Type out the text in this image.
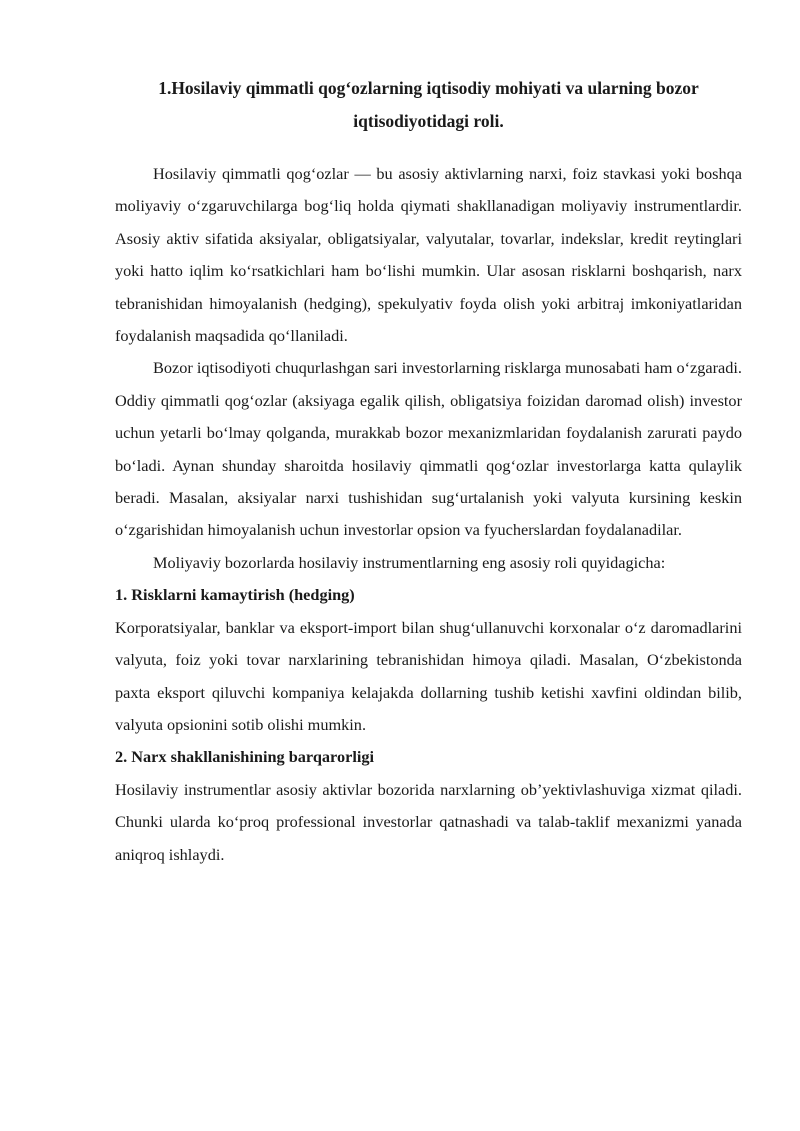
1.Hosilaviy qimmatli qog‘ozlarning iqtisodiy mohiyati va ularning bozor iqtisodiyotidagi roli.

Hosilaviy qimmatli qog‘ozlar — bu asosiy aktivlarning narxi, foiz stavkasi yoki boshqa moliyaviy o‘zgaruvchilarga bog‘liq holda qiymati shakllanadigan moliyaviy instrumentlardir. Asosiy aktiv sifatida aksiyalar, obligatsiyalar, valyutalar, tovarlar, indekslar, kredit reytinglari yoki hatto iqlim ko‘rsatkichlari ham bo‘lishi mumkin. Ular asosan risklarni boshqarish, narx tebranishidan himoyalanish (hedging), spekulyativ foyda olish yoki arbitraj imkoniyatlaridan foydalanish maqsadida qo‘llaniladi.

Bozor iqtisodiyoti chuqurlashgan sari investorlarning risklarga munosabati ham o‘zgaradi. Oddiy qimmatli qog‘ozlar (aksiyaga egalik qilish, obligatsiya foizidan daromad olish) investor uchun yetarli bo‘lmay qolganda, murakkab bozor mexanizmlaridan foydalanish zarurati paydo bo‘ladi. Aynan shunday sharoitda hosilaviy qimmatli qog‘ozlar investorlarga katta qulaylik beradi. Masalan, aksiyalar narxi tushishidan sug‘urtalanish yoki valyuta kursining keskin o‘zgarishidan himoyalanish uchun investorlar opsion va fyucherslardan foydalanadilar.

Moliyaviy bozorlarda hosilaviy instrumentlarning eng asosiy roli quyidagicha:

1. Risklarni kamaytirish (hedging)

Korporatsiyalar, banklar va eksport-import bilan shug‘ullanuvchi korxonalar o‘z daromadlarini valyuta, foiz yoki tovar narxlarining tebranishidan himoya qiladi. Masalan, O‘zbekistonda paxta eksport qiluvchi kompaniya kelajakda dollarning tushib ketishi xavfini oldindan bilib, valyuta opsionini sotib olishi mumkin.

2. Narx shakllanishining barqarorligi

Hosilaviy instrumentlar asosiy aktivlar bozorida narxlarning ob’yektivlashuviga xizmat qiladi. Chunki ularda ko‘proq professional investorlar qatnashadi va talab-taklif mexanizmi yanada aniqroq ishlaydi.
